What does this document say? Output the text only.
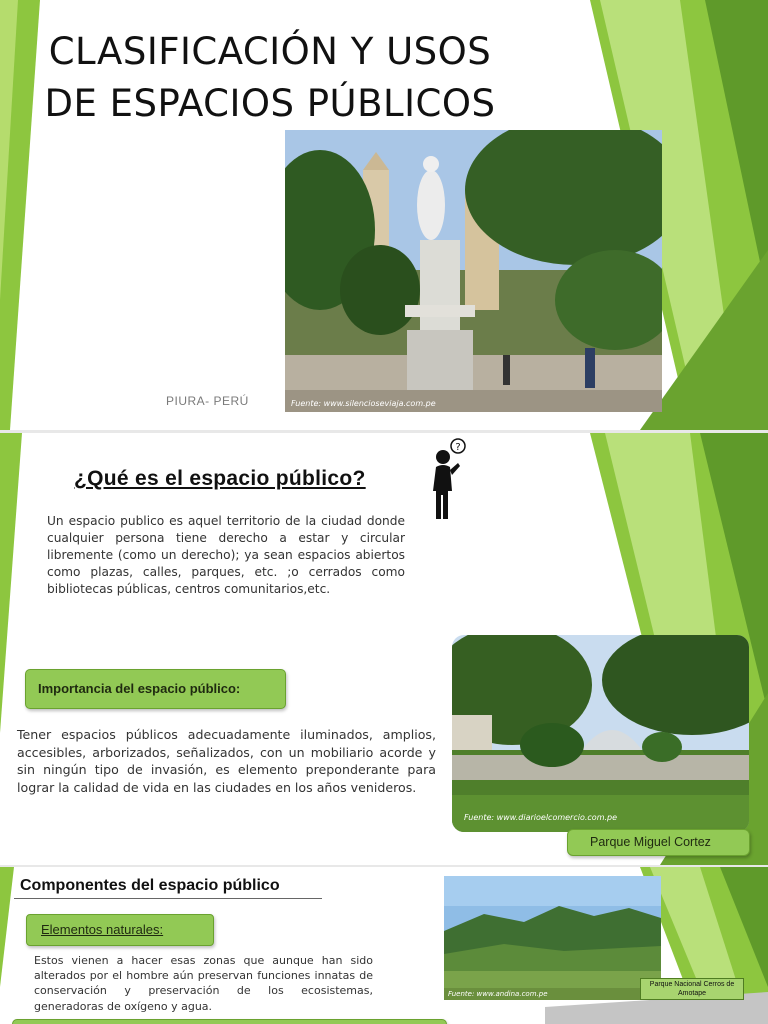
CLASIFICACIÓN Y USOS
DE ESPACIOS PÚBLICOS
Fuente: www.silencioseviaja.com.pe
PIURA- PERÚ
¿Qué es el espacio público?
?
Un espacio publico es aquel territorio de la ciudad donde cualquier persona tiene derecho a estar y circular libremente (como un derecho); ya sean espacios abiertos como plazas, calles, parques, etc. ;o cerrados como bibliotecas públicas, centros comunitarios,etc.
Importancia del espacio público:
Tener espacios públicos adecuadamente iluminados, amplios, accesibles, arborizados, señalizados, con un mobiliario acorde y sin ningún tipo de invasión, es elemento preponderante para lograr la calidad de vida en las ciudades en los años venideros.
Fuente: www.diarioelcomercio.com.pe
Parque Miguel Cortez
Componentes del espacio público
Elementos naturales:
Estos vienen a hacer esas zonas que aunque han sido alterados por el hombre aún preservan funciones innatas de conservación y preservación de los ecosistemas, generadoras de oxígeno y agua.
Fuente: www.andina.com.pe
Parque Nacional Cerros de Amotape
